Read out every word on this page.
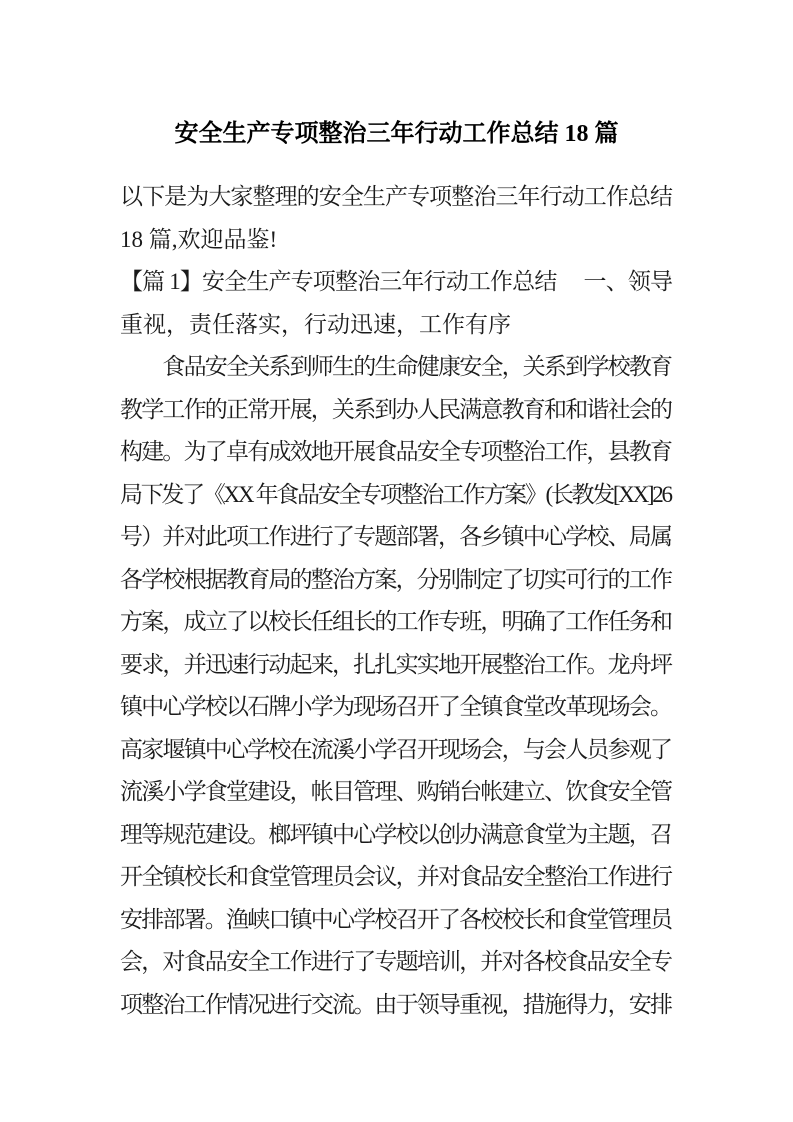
安全生产专项整治三年行动工作总结 18 篇
以下是为大家整理的安全生产专项整治三年行动工作总结
18 篇,欢迎品鉴!
【篇 1】安全生产专项整治三年行动工作总结　 一、领导
重视，责任落实，行动迅速，工作有序
　　食品安全关系到师生的生命健康安全，关系到学校教育
教学工作的正常开展，关系到办人民满意教育和和谐社会的
构建。为了卓有成效地开展食品安全专项整治工作，县教育
局下发了《XX 年食品安全专项整治工作方案》(长教发[XX]26
号）并对此项工作进行了专题部署，各乡镇中心学校、局属
各学校根据教育局的整治方案，分别制定了切实可行的工作
方案，成立了以校长任组长的工作专班，明确了工作任务和
要求，并迅速行动起来，扎扎实实地开展整治工作。龙舟坪
镇中心学校以石牌小学为现场召开了全镇食堂改革现场会。
高家堰镇中心学校在流溪小学召开现场会，与会人员参观了
流溪小学食堂建设，帐目管理、购销台帐建立、饮食安全管
理等规范建设。榔坪镇中心学校以创办满意食堂为主题，召
开全镇校长和食堂管理员会议，并对食品安全整治工作进行
安排部署。渔峡口镇中心学校召开了各校校长和食堂管理员
会，对食品安全工作进行了专题培训，并对各校食品安全专
项整治工作情况进行交流。由于领导重视，措施得力，安排
